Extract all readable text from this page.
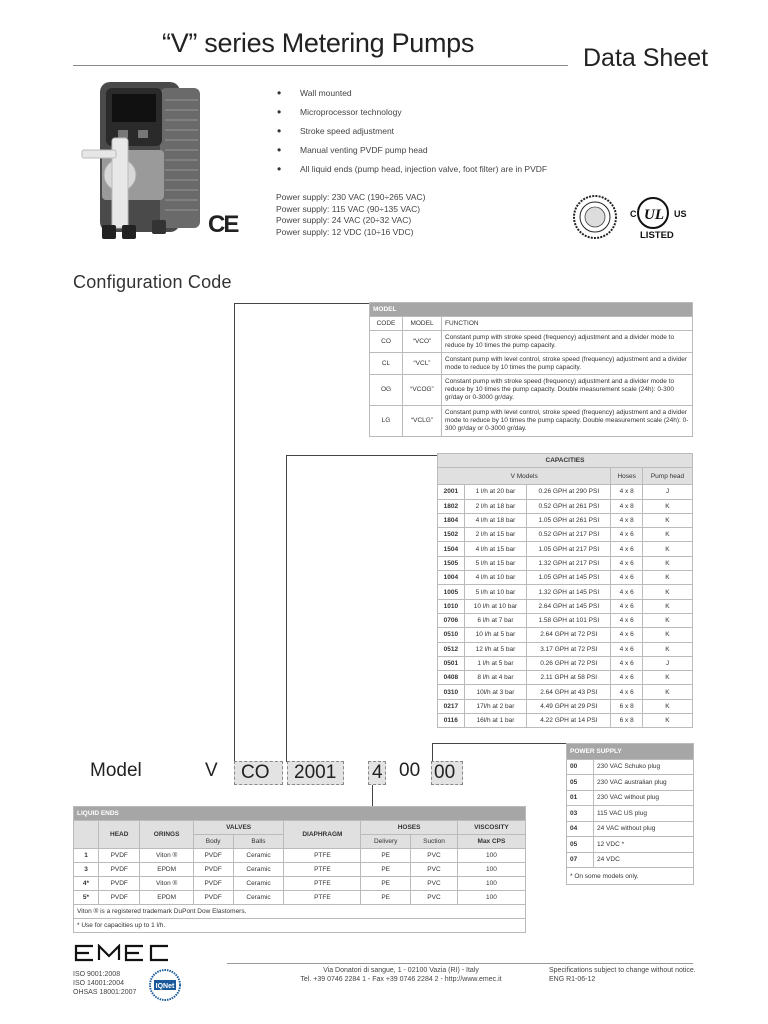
“V” series Metering Pumps	Data Sheet
CE
• Wall mounted
• Microprocessor technology
• Stroke speed adjustment
• Manual venting PVDF pump head
• All liquid ends (pump head, injection valve, foot filter) are in PVDF
Power supply: 230 VAC (190÷265 VAC)
Power supply: 115 VAC (90÷135 VAC)
Power supply: 24 VAC (20÷32 VAC)
Power supply: 12 VDC (10÷16 VDC)
UL
C	US
LISTED
Configuration Code
MODEL		
CODE	MODEL	FUNCTION
CO	“VCO”	Constant pump with stroke speed (frequency) adjustment and a divider mode to reduce by 10 times the pump capacity.
CL	“VCL”	Constant pump with level control, stroke speed (frequency) adjustment and a divider mode to reduce by 10 times the pump capacity.
OG	“VCOG”	Constant pump with stroke speed (frequency) adjustment and a divider mode to reduce by 10 times the pump capacity. Double measurement scale (24h): 0-300 gr/day or 0-3000 gr/day.
LG	“VCLG”	Constant pump with level control, stroke speed (frequency) adjustment and a divider mode to reduce by 10 times the pump capacity. Double measurement scale (24h): 0-300 gr/day or 0-3000 gr/day.
CAPACITIES				
V Models			Hoses	Pump head
2001	1 l/h at 20 bar	0.26 GPH at 290 PSI	4 x 8	J
1802	2 l/h at 18 bar	0.52 GPH at 261 PSI	4 x 8	K
1804	4 l/h at 18 bar	1.05 GPH at 261 PSI	4 x 8	K
1502	2 l/h at 15 bar	0.52 GPH at 217 PSI	4 x 6	K
1504	4 l/h at 15 bar	1.05 GPH at 217 PSI	4 x 6	K
1505	5 l/h at 15 bar	1.32 GPH at 217 PSI	4 x 6	K
1004	4 l/h at 10 bar	1.05 GPH at 145 PSI	4 x 6	K
1005	5 l/h at 10 bar	1.32 GPH at 145 PSI	4 x 6	K
1010	10 l/h at 10 bar	2.64 GPH at 145 PSI	4 x 6	K
0706	6 l/h at 7 bar	1.58 GPH at 101 PSI	4 x 6	K
0510	10 l/h at 5 bar	2.64 GPH at 72 PSI	4 x 6	K
0512	12 l/h at 5 bar	3.17 GPH at 72 PSI	4 x 6	K
0501	1 l/h at 5 bar	0.26 GPH at 72 PSI	4 x 6	J
0408	8 l/h at 4 bar	2.11 GPH at 58 PSI	4 x 6	K
0310	10l/h at 3 bar	2.64 GPH at 43 PSI	4 x 6	K
0217	17l/h at 2 bar	4.49 GPH at 29 PSI	6 x 8	K
0116	16l/h at 1 bar	4.22 GPH at 14 PSI	6 x 8	K
POWER SUPPLY	
00	230 VAC Schuko plug
05	230 VAC australian plug
01	230 VAC without plug
03	115 VAC US plug
04	24 VAC without plug
05	12 VDC *
07	24 VDC
* On some models only.	
Model	V	CO	2001	4 00 00
LIQUID ENDS								
	HEAD	ORINGS	VALVES		DIAPHRAGM	HOSES		VISCOSITY
			Body	Balls		Delivery	Suction	Max CPS
1	PVDF	Viton ®	PVDF	Ceramic	PTFE	PE	PVC	100
3	PVDF	EPDM	PVDF	Ceramic	PTFE	PE	PVC	100
4*	PVDF	Viton ®	PVDF	Ceramic	PTFE	PE	PVC	100
5*	PVDF	EPDM	PVDF	Ceramic	PTFE	PE	PVC	100
Viton ® is a registered trademark DuPont Dow Elastomers.								
* Use for capacities up to 1 l/h.								
ISO 9001:2008
ISO 14001:2004
OHSAS 18001:2007
IQNet
Via Donatori di sangue, 1 - 02100 Vazia (RI) - Italy
Tel. +39 0746 2284 1 - Fax +39 0746 2284 2 - http://www.emec.it
Specifications subject to change without notice.
ENG R1-06-12
